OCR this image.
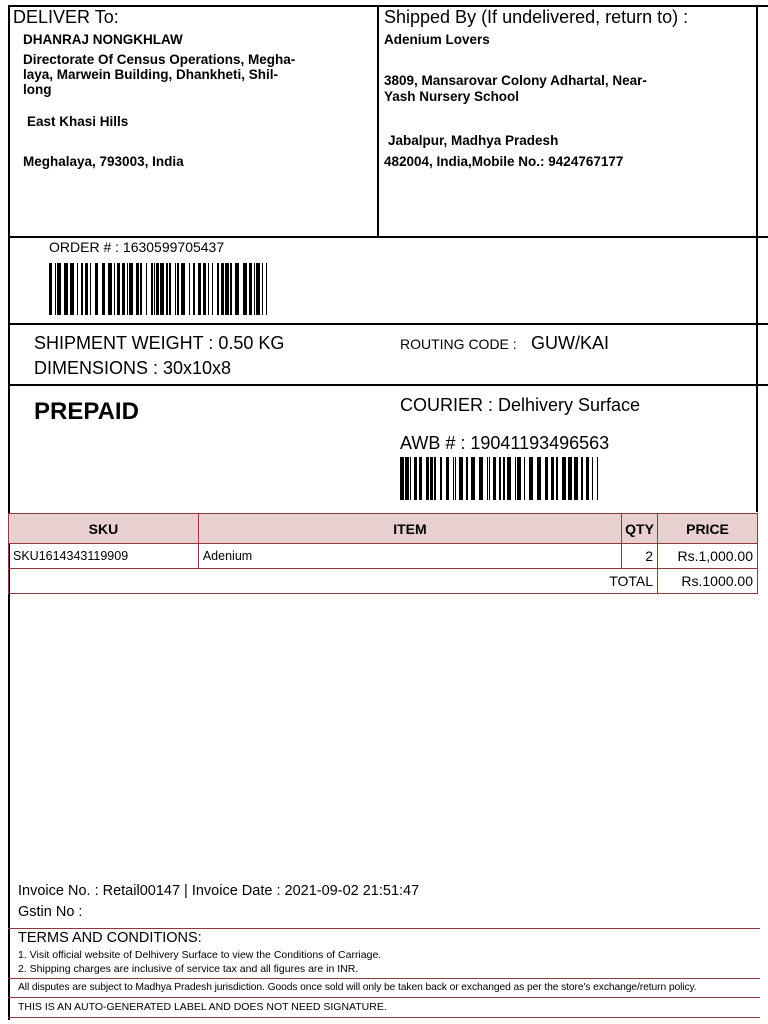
DELIVER To:
DHANRAJ NONGKHLAW
Directorate Of Census Operations, Megha-
laya, Marwein Building, Dhankheti, Shil-
long
East Khasi Hills
Meghalaya, 793003, India
Shipped By (If undelivered, return to) :
Adenium Lovers
3809, Mansarovar Colony Adhartal, Near-
Yash Nursery School
Jabalpur, Madhya Pradesh
482004, India,Mobile No.: 9424767177
ORDER # : 1630599705437
SHIPMENT WEIGHT : 0.50 KG
DIMENSIONS : 30x10x8
ROUTING CODE : GUW/KAI
PREPAID	COURIER : Delhivery Surface
AWB # : 19041193496563
SKU	ITEM	QTY	PRICE
SKU1614343119909	Adenium	2	Rs.1,000.00
TOTAL			Rs.1000.00
Invoice No. : Retail00147 | Invoice Date : 2021-09-02 21:51:47
Gstin No :
TERMS AND CONDITIONS:
1. Visit official website of Delhivery Surface to view the Conditions of Carriage.
2. Shipping charges are inclusive of service tax and all figures are in INR.
All disputes are subject to Madhya Pradesh jurisdiction. Goods once sold will only be taken back or exchanged as per the store's exchange/return policy.
THIS IS AN AUTO-GENERATED LABEL AND DOES NOT NEED SIGNATURE.
